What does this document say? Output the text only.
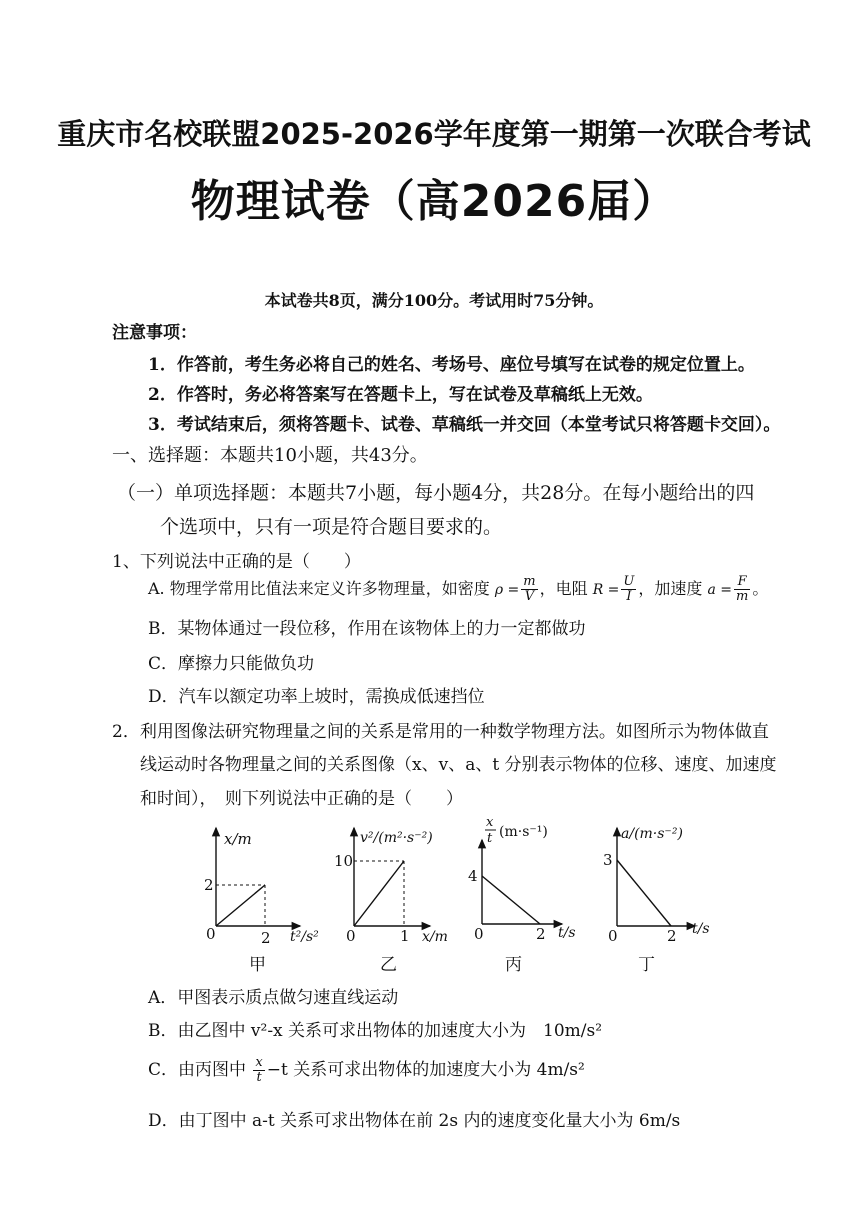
重庆市名校联盟2025-2026学年度第一期第一次联合考试
物理试卷（高2026届）
本试卷共8页，满分100分。考试用时75分钟。
注意事项：
1．作答前，考生务必将自己的姓名、考场号、座位号填写在试卷的规定位置上。
2．作答时，务必将答案写在答题卡上，写在试卷及草稿纸上无效。
3．考试结束后，须将答题卡、试卷、草稿纸一并交回（本堂考试只将答题卡交回）。
一、选择题：本题共10小题，共43分。
（一）单项选择题：本题共7小题，每小题4分，共28分。在每小题给出的四
个选项中，只有一项是符合题目要求的。
1、下列说法中正确的是（　　）
A. 物理学常用比值法来定义许多物理量，如密度 $\rho = \frac{m}{V}$ ，电阻 $R = \frac{U}{I}$ ，加速度 $a = \frac{F}{m}$ 。
B．某物体通过一段位移，作用在该物体上的力一定都做功
C．摩擦力只能做负功
D．汽车以额定功率上坡时，需换成低速挡位
2．利用图像法研究物理量之间的关系是常用的一种数学物理方法。如图所示为物体做直
线运动时各物理量之间的关系图像（x、v、a、t 分别表示物体的位移、速度、加速度
和时间），　则下列说法中正确的是（　　）
x/m
t²/s²
0
2
2
甲
v²/(m²·s⁻²)
x/m
0
10
1
乙
x
t (m·s⁻¹)
t/s
0
4
2
丙
a/(m·s⁻²)
t/s
0
3
2
丁
A．甲图表示质点做匀速直线运动
B．由乙图中 v²-x 关系可求出物体的加速度大小为　10m/s²
C．由丙图中 $\frac{x}{t} -t$ 关系可求出物体的加速度大小为 4m/s²
D．由丁图中 a-t 关系可求出物体在前 2s 内的速度变化量大小为 6m/s
